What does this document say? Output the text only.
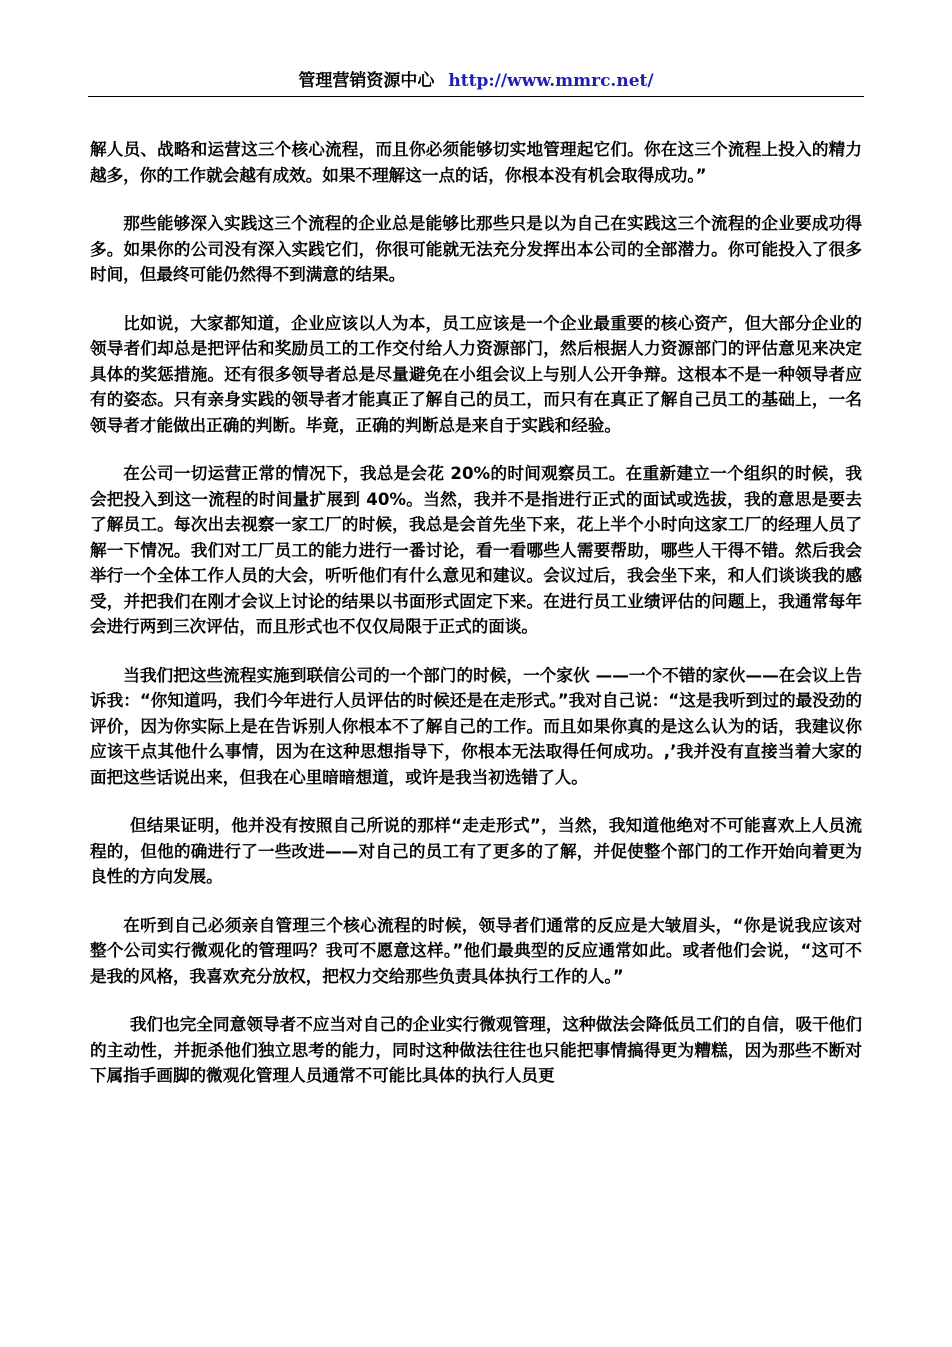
管理营销资源中心 http://www.mmrc.net/

解人员、战略和运营这三个核心流程，而且你必须能够切实地管理起它们。你在这三个流程上投入的精力越多，你的工作就会越有成效。如果不理解这一点的话，你根本没有机会取得成功。”

那些能够深入实践这三个流程的企业总是能够比那些只是以为自己在实践这三个流程的企业要成功得多。如果你的公司没有深入实践它们，你很可能就无法充分发挥出本公司的全部潜力。你可能投入了很多时间，但最终可能仍然得不到满意的结果。

比如说，大家都知道，企业应该以人为本，员工应该是一个企业最重要的核心资产，但大部分企业的领导者们却总是把评估和奖励员工的工作交付给人力资源部门，然后根据人力资源部门的评估意见来决定具体的奖惩措施。还有很多领导者总是尽量避免在小组会议上与别人公开争辩。这根本不是一种领导者应有的姿态。只有亲身实践的领导者才能真正了解自己的员工，而只有在真正了解自己员工的基础上，一名领导者才能做出正确的判断。毕竟，正确的判断总是来自于实践和经验。

在公司一切运营正常的情况下，我总是会花 20%的时间观察员工。在重新建立一个组织的时候，我会把投入到这一流程的时间量扩展到 40%。当然，我并不是指进行正式的面试或选拔，我的意思是要去了解员工。每次出去视察一家工厂的时候，我总是会首先坐下来，花上半个小时向这家工厂的经理人员了解一下情况。我们对工厂员工的能力进行一番讨论，看一看哪些人需要帮助，哪些人干得不错。然后我会举行一个全体工作人员的大会，听听他们有什么意见和建议。会议过后，我会坐下来，和人们谈谈我的感受，并把我们在刚才会议上讨论的结果以书面形式固定下来。在进行员工业绩评估的问题上，我通常每年会进行两到三次评估，而且形式也不仅仅局限于正式的面谈。

当我们把这些流程实施到联信公司的一个部门的时候，一个家伙 ——一个不错的家伙——在会议上告诉我：“你知道吗，我们今年进行人员评估的时候还是在走形式。”我对自己说：“这是我听到过的最没劲的评价，因为你实际上是在告诉别人你根本不了解自己的工作。而且如果你真的是这么认为的话，我建议你应该干点其他什么事情，因为在这种思想指导下，你根本无法取得任何成功。,’我并没有直接当着大家的面把这些话说出来，但我在心里暗暗想道，或许是我当初选错了人。

但结果证明，他并没有按照自己所说的那样“走走形式”，当然，我知道他绝对不可能喜欢上人员流程的，但他的确进行了一些改进——对自己的员工有了更多的了解，并促使整个部门的工作开始向着更为良性的方向发展。

在听到自己必须亲自管理三个核心流程的时候，领导者们通常的反应是大皱眉头，“你是说我应该对整个公司实行微观化的管理吗？我可不愿意这样。”他们最典型的反应通常如此。或者他们会说，“这可不是我的风格，我喜欢充分放权，把权力交给那些负责具体执行工作的人。”

我们也完全同意领导者不应当对自己的企业实行微观管理，这种做法会降低员工们的自信，吸干他们的主动性，并扼杀他们独立思考的能力，同时这种做法往往也只能把事情搞得更为糟糕，因为那些不断对下属指手画脚的微观化管理人员通常不可能比具体的执行人员更
